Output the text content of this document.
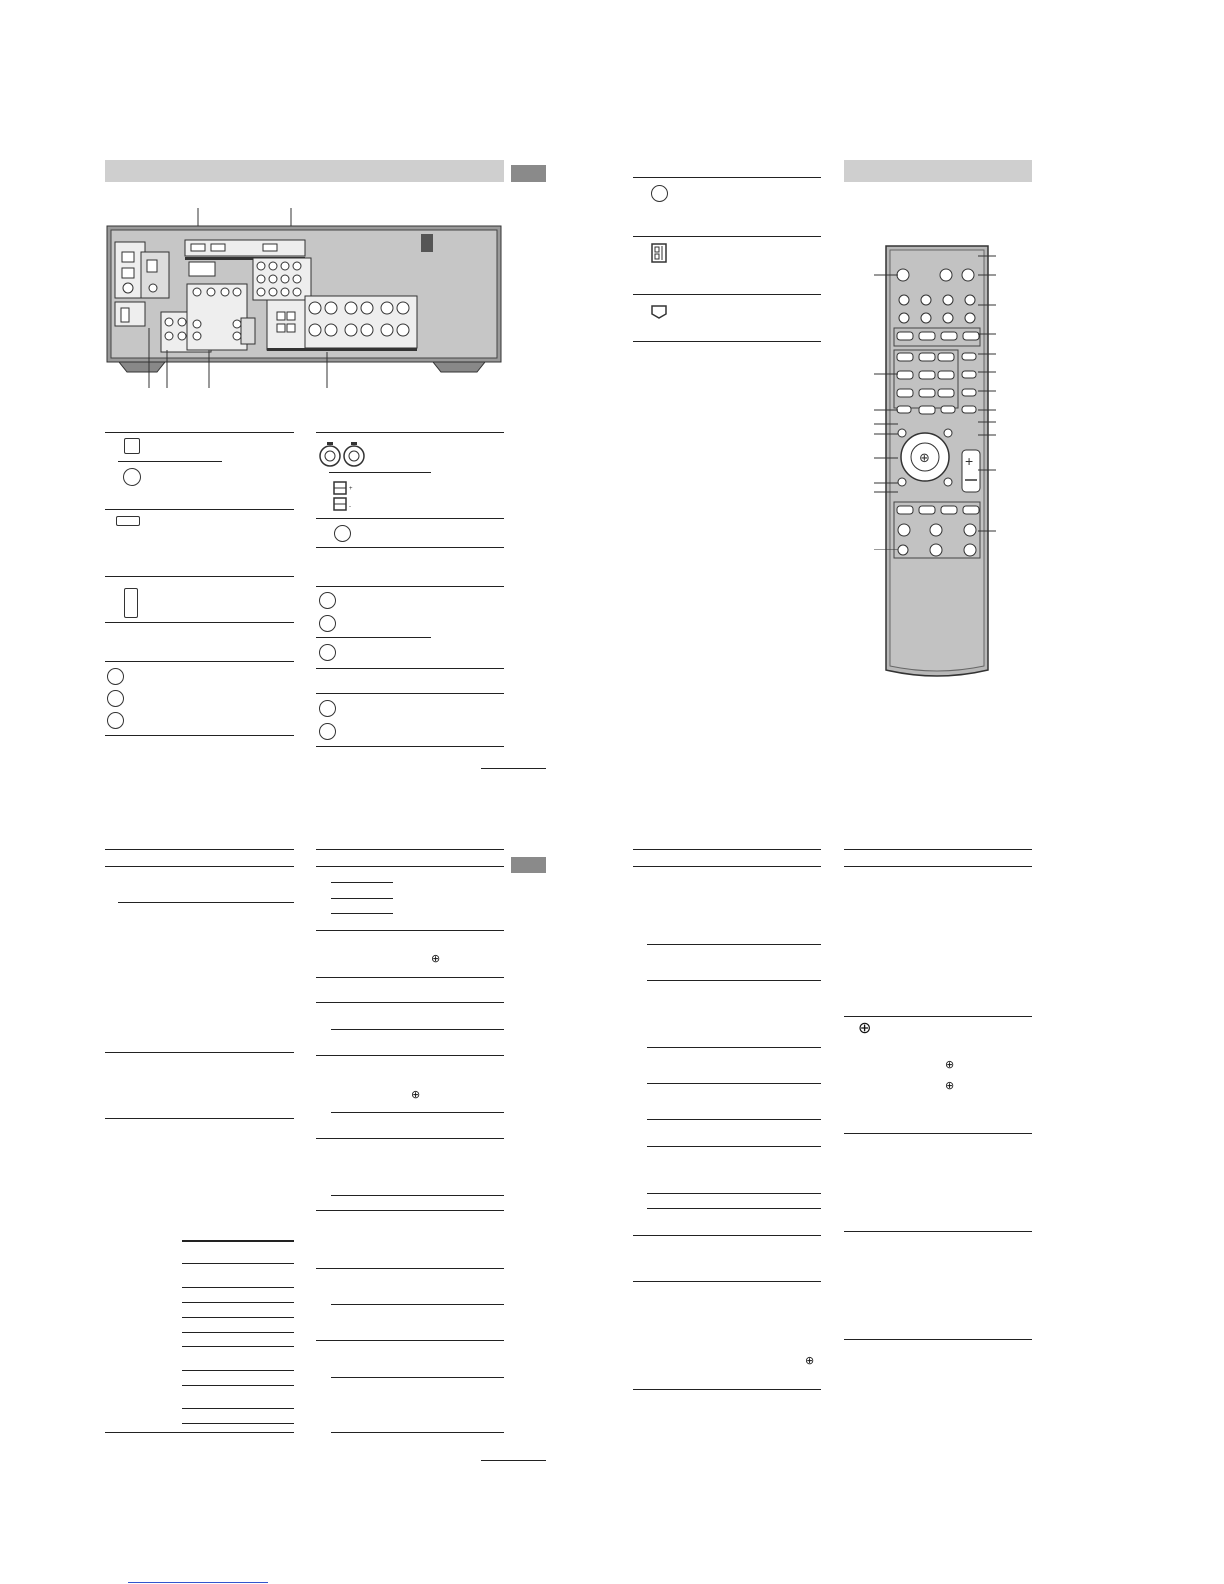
+
-
⊕	+
⊕
⊕
⊕
⊕
⊕
⊕
